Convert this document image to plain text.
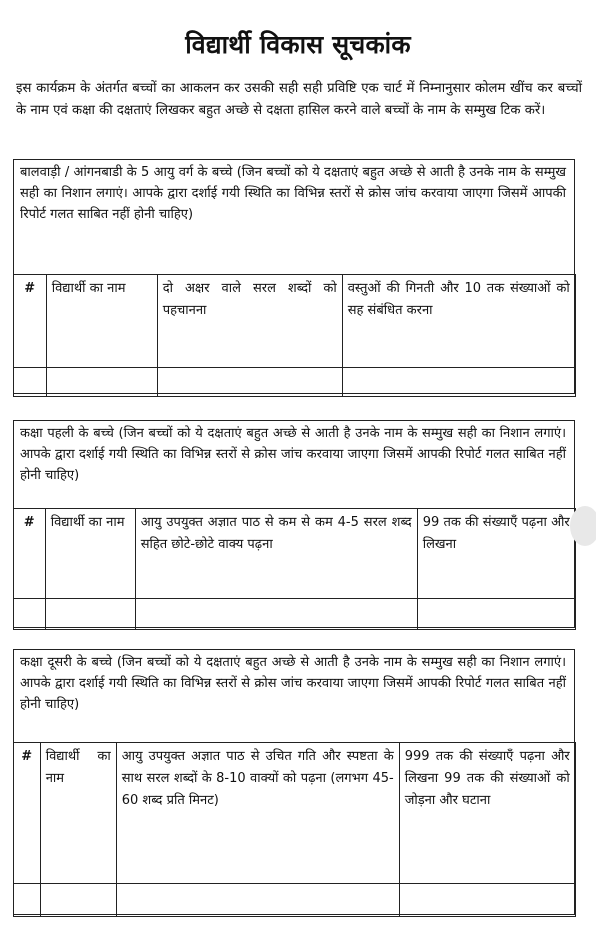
विद्यार्थी विकास सूचकांक
इस कार्यक्रम के अंतर्गत बच्चों का आकलन कर उसकी सही सही प्रविष्टि एक चार्ट में निम्नानुसार कोलम खींच कर बच्चों के नाम एवं कक्षा की दक्षताएं लिखकर बहुत अच्छे से दक्षता हासिल करने वाले बच्चों के नाम के सम्मुख टिक करें।
बालवाड़ी / आंगनबाडी के 5 आयु वर्ग के बच्चे (जिन बच्चों को ये दक्षताएं बहुत अच्छे से आती है उनके नाम के सम्मुख सही का निशान लगाएं। आपके द्वारा दर्शाई गयी स्थिति का विभिन्न स्तरों से क्रोस जांच करवाया जाएगा जिसमें आपकी रिपोर्ट गलत साबित नहीं होनी चाहिए)
#	विद्यार्थी का नाम	दो अक्षर वाले सरल शब्दों को पहचानना	वस्तुओं की गिनती और 10 तक संख्याओं को सह संबंधित करना

कक्षा पहली के बच्चे (जिन बच्चों को ये दक्षताएं बहुत अच्छे से आती है उनके नाम के सम्मुख सही का निशान लगाएं। आपके द्वारा दर्शाई गयी स्थिति का विभिन्न स्तरों से क्रोस जांच करवाया जाएगा जिसमें आपकी रिपोर्ट गलत साबित नहीं होनी चाहिए)
#	विद्यार्थी का नाम	आयु उपयुक्त अज्ञात पाठ से कम से कम 4-5 सरल शब्द सहित छोटे-छोटे वाक्य पढ़ना	99 तक की संख्याएँ पढ़ना और लिखना

कक्षा दूसरी के बच्चे (जिन बच्चों को ये दक्षताएं बहुत अच्छे से आती है उनके नाम के सम्मुख सही का निशान लगाएं। आपके द्वारा दर्शाई गयी स्थिति का विभिन्न स्तरों से क्रोस जांच करवाया जाएगा जिसमें आपकी रिपोर्ट गलत साबित नहीं होनी चाहिए)
#	विद्यार्थी का नाम	आयु उपयुक्त अज्ञात पाठ से उचित गति और स्पष्टता के साथ सरल शब्दों के 8-10 वाक्यों को पढ़ना (लगभग 45-60 शब्द प्रति मिनट)	999 तक की संख्याएँ पढ़ना और लिखना 99 तक की संख्याओं को जोड़ना और घटाना
